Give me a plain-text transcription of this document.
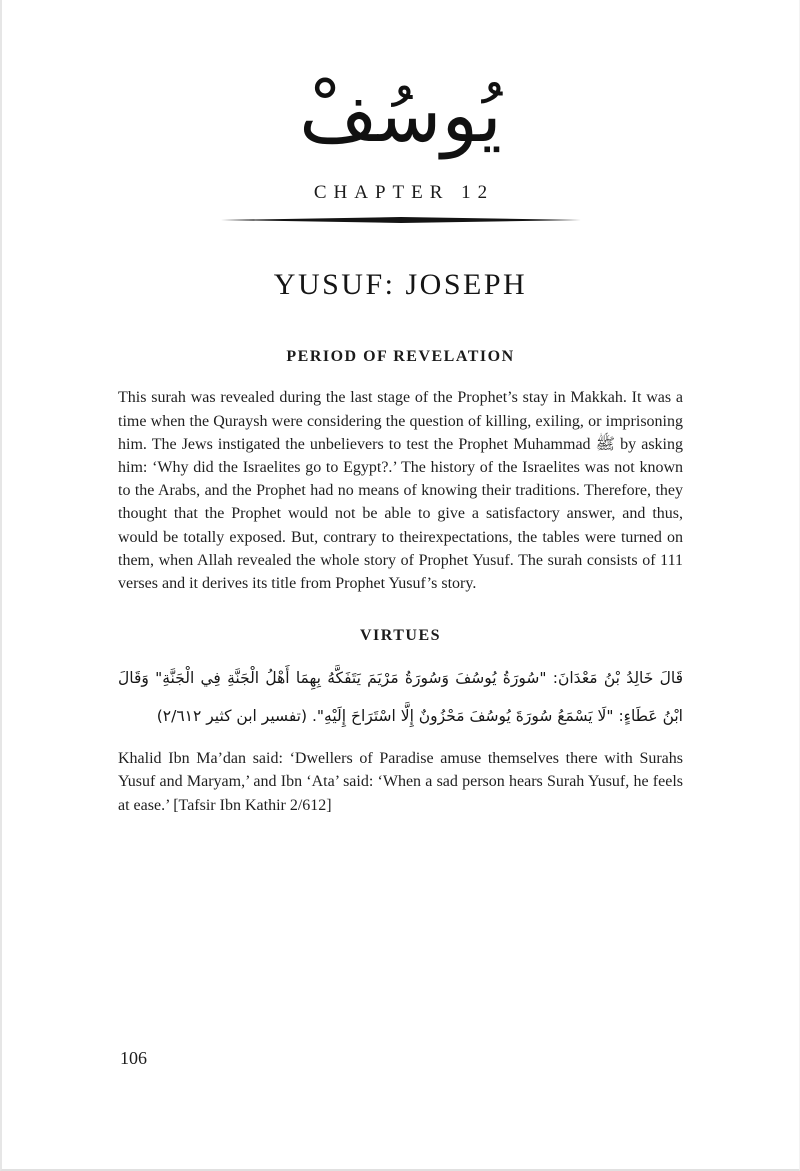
يُوسُفْ
CHAPTER 12
YUSUF: JOSEPH
PERIOD OF REVELATION

This surah was revealed during the last stage of the Prophet’s stay in Makkah. It was a time when the Quraysh were considering the question of killing, exiling, or imprisoning him. The Jews instigated the unbelievers to test the Prophet Muhammad ﷺ by asking him: ‘Why did the Israelites go to Egypt?.’ The history of the Israelites was not known to the Arabs, and the Prophet had no means of knowing their traditions. Therefore, they thought that the Prophet would not be able to give a satisfactory answer, and thus, would be totally exposed. But, contrary to theirexpectations, the tables were turned on them, when Allah revealed the whole story of Prophet Yusuf. The surah consists of 111 verses and it derives its title from Prophet Yusuf’s story.

VIRTUES

قَالَ خَالِدُ بْنُ مَعْدَانَ: "سُورَةُ يُوسُفَ وَسُورَةُ مَرْيَمَ يَتَفَكَّهُ بِهِمَا أَهْلُ الْجَنَّةِ فِي الْجَنَّةِ" وَقَالَ ابْنُ عَطَاءٍ: "لَا يَسْمَعُ سُورَةَ يُوسُفَ مَحْزُونٌ إِلَّا اسْتَرَاحَ إِلَيْهِ". (تفسير ابن كثير ٢/٦١٢)

Khalid Ibn Ma’dan said: ‘Dwellers of Paradise amuse themselves there with Surahs Yusuf and Maryam,’ and Ibn ‘Ata’ said: ‘When a sad person hears Surah Yusuf, he feels at ease.’ [Tafsir Ibn Kathir 2/612]

106
